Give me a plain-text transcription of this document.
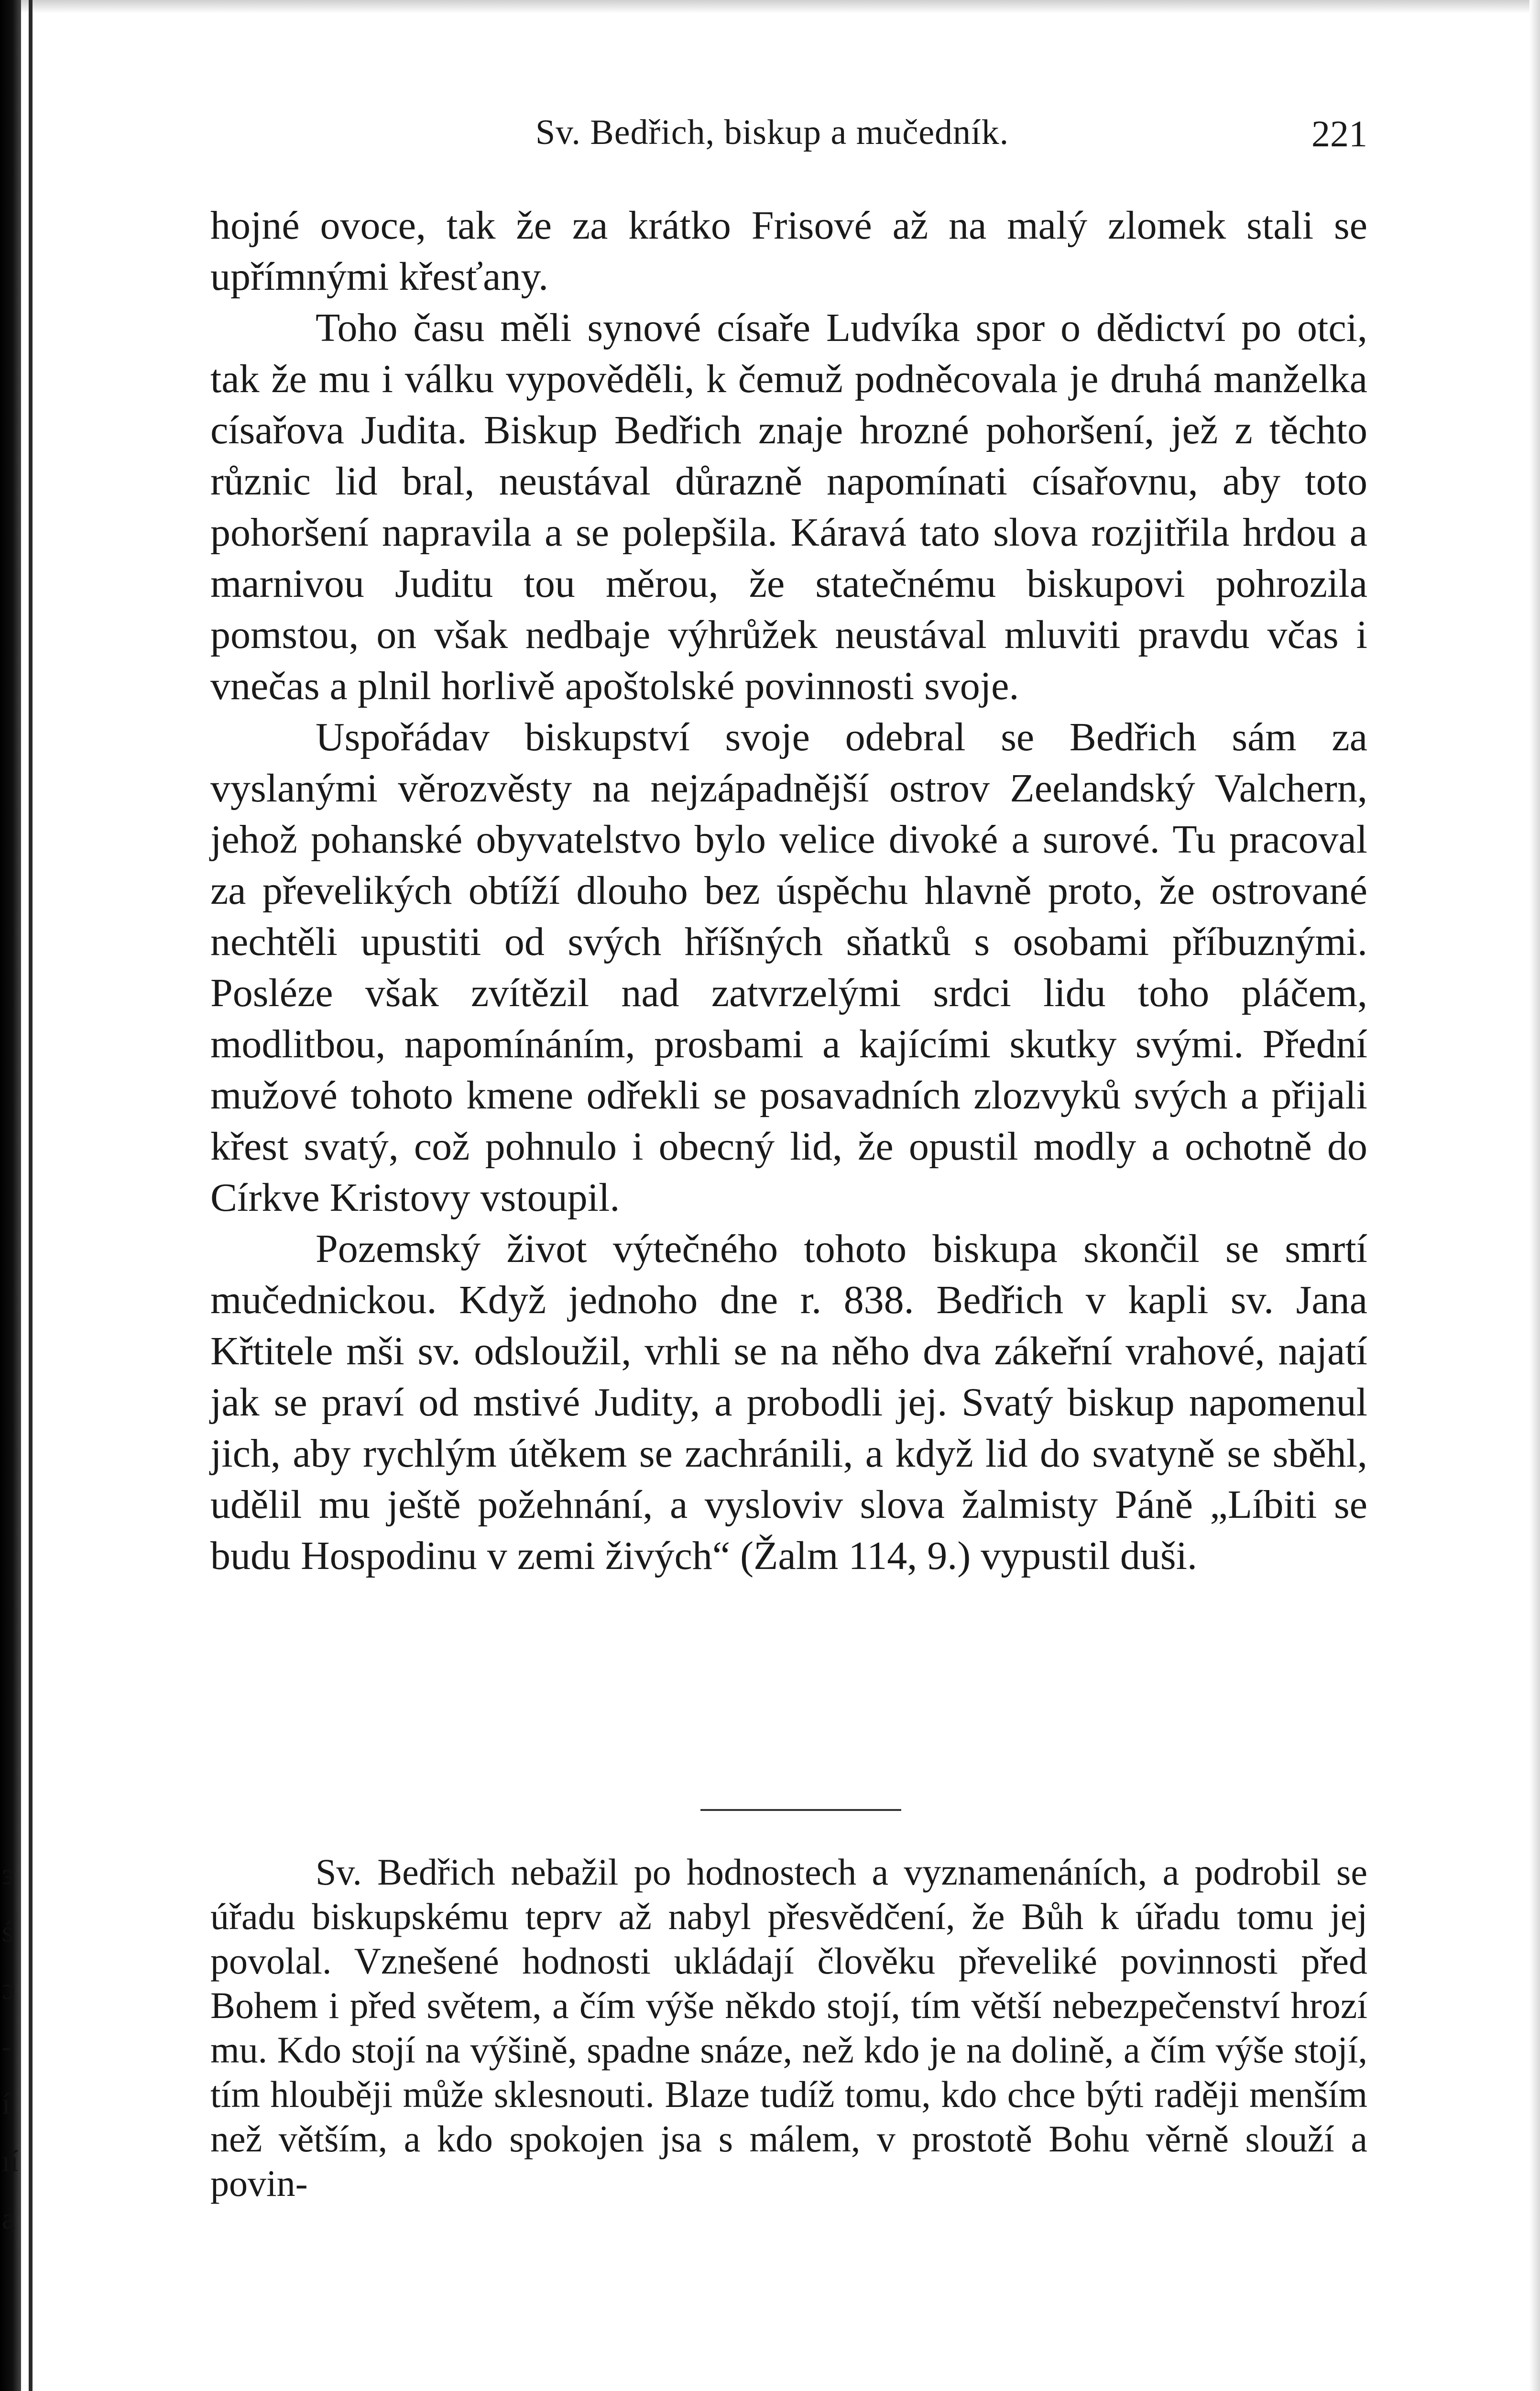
э
ś
ɔ
-
í
ıí
a
Sv. Bedřich, biskup a mučedník.	221

hojné ovoce, tak že za krátko Frisové až na malý zlomek stali se upřímnými křesťany.

Toho času měli synové císaře Ludvíka spor o dědictví po otci, tak že mu i válku vypověděli, k čemuž podněcovala je druhá manželka císařova Judita. Biskup Bedřich znaje hrozné pohoršení, jež z těchto různic lid bral, neustával důrazně napomínati císařovnu, aby toto pohoršení napravila a se polepšila. Káravá tato slova rozjitřila hrdou a marnivou Juditu tou měrou, že statečnému biskupovi pohrozila pomstou, on však nedbaje výhrůžek neustával mluviti pravdu včas i vnečas a plnil horlivě apoštolské povinnosti svoje.

Uspořádav biskupství svoje odebral se Bedřich sám za vyslanými věrozvěsty na nejzápadnější ostrov Zeelandský Valchern, jehož pohanské obyvatelstvo bylo velice divoké a surové. Tu pracoval za převelikých obtíží dlouho bez úspěchu hlavně proto, že ostrované nechtěli upustiti od svých hříšných sňatků s osobami příbuznými. Posléze však zvítězil nad zatvrzelými srdci lidu toho pláčem, modlitbou, napomínáním, prosbami a kajícími skutky svými. Přední mužové tohoto kmene odřekli se posavadních zlozvyků svých a přijali křest svatý, což pohnulo i obecný lid, že opustil modly a ochotně do Církve Kristovy vstoupil.

Pozemský život výtečného tohoto biskupa skončil se smrtí mučednickou. Když jednoho dne r. 838. Bedřich v kapli sv. Jana Křtitele mši sv. odsloužil, vrhli se na něho dva zákeřní vrahové, najatí jak se praví od mstivé Judity, a probodli jej. Svatý biskup napomenul jich, aby rychlým útěkem se zachránili, a když lid do svatyně se sběhl, udělil mu ještě požehnání, a vysloviv slova žalmisty Páně „Líbiti se budu Hospodinu v zemi živých“ (Žalm 114, 9.) vypustil duši.

Sv. Bedřich nebažil po hodnostech a vyznamenáních, a podrobil se úřadu biskupskému teprv až nabyl přesvědčení, že Bůh k úřadu tomu jej povolal. Vznešené hodnosti ukládají člověku převeliké povinnosti před Bohem i před světem, a čím výše někdo stojí, tím větší nebezpečenství hrozí mu. Kdo stojí na výšině, spadne snáze, než kdo je na dolině, a čím výše stojí, tím hlouběji může sklesnouti. Blaze tudíž tomu, kdo chce býti raději menším než větším, a kdo spokojen jsa s málem, v prostotě Bohu věrně slouží a povin-
